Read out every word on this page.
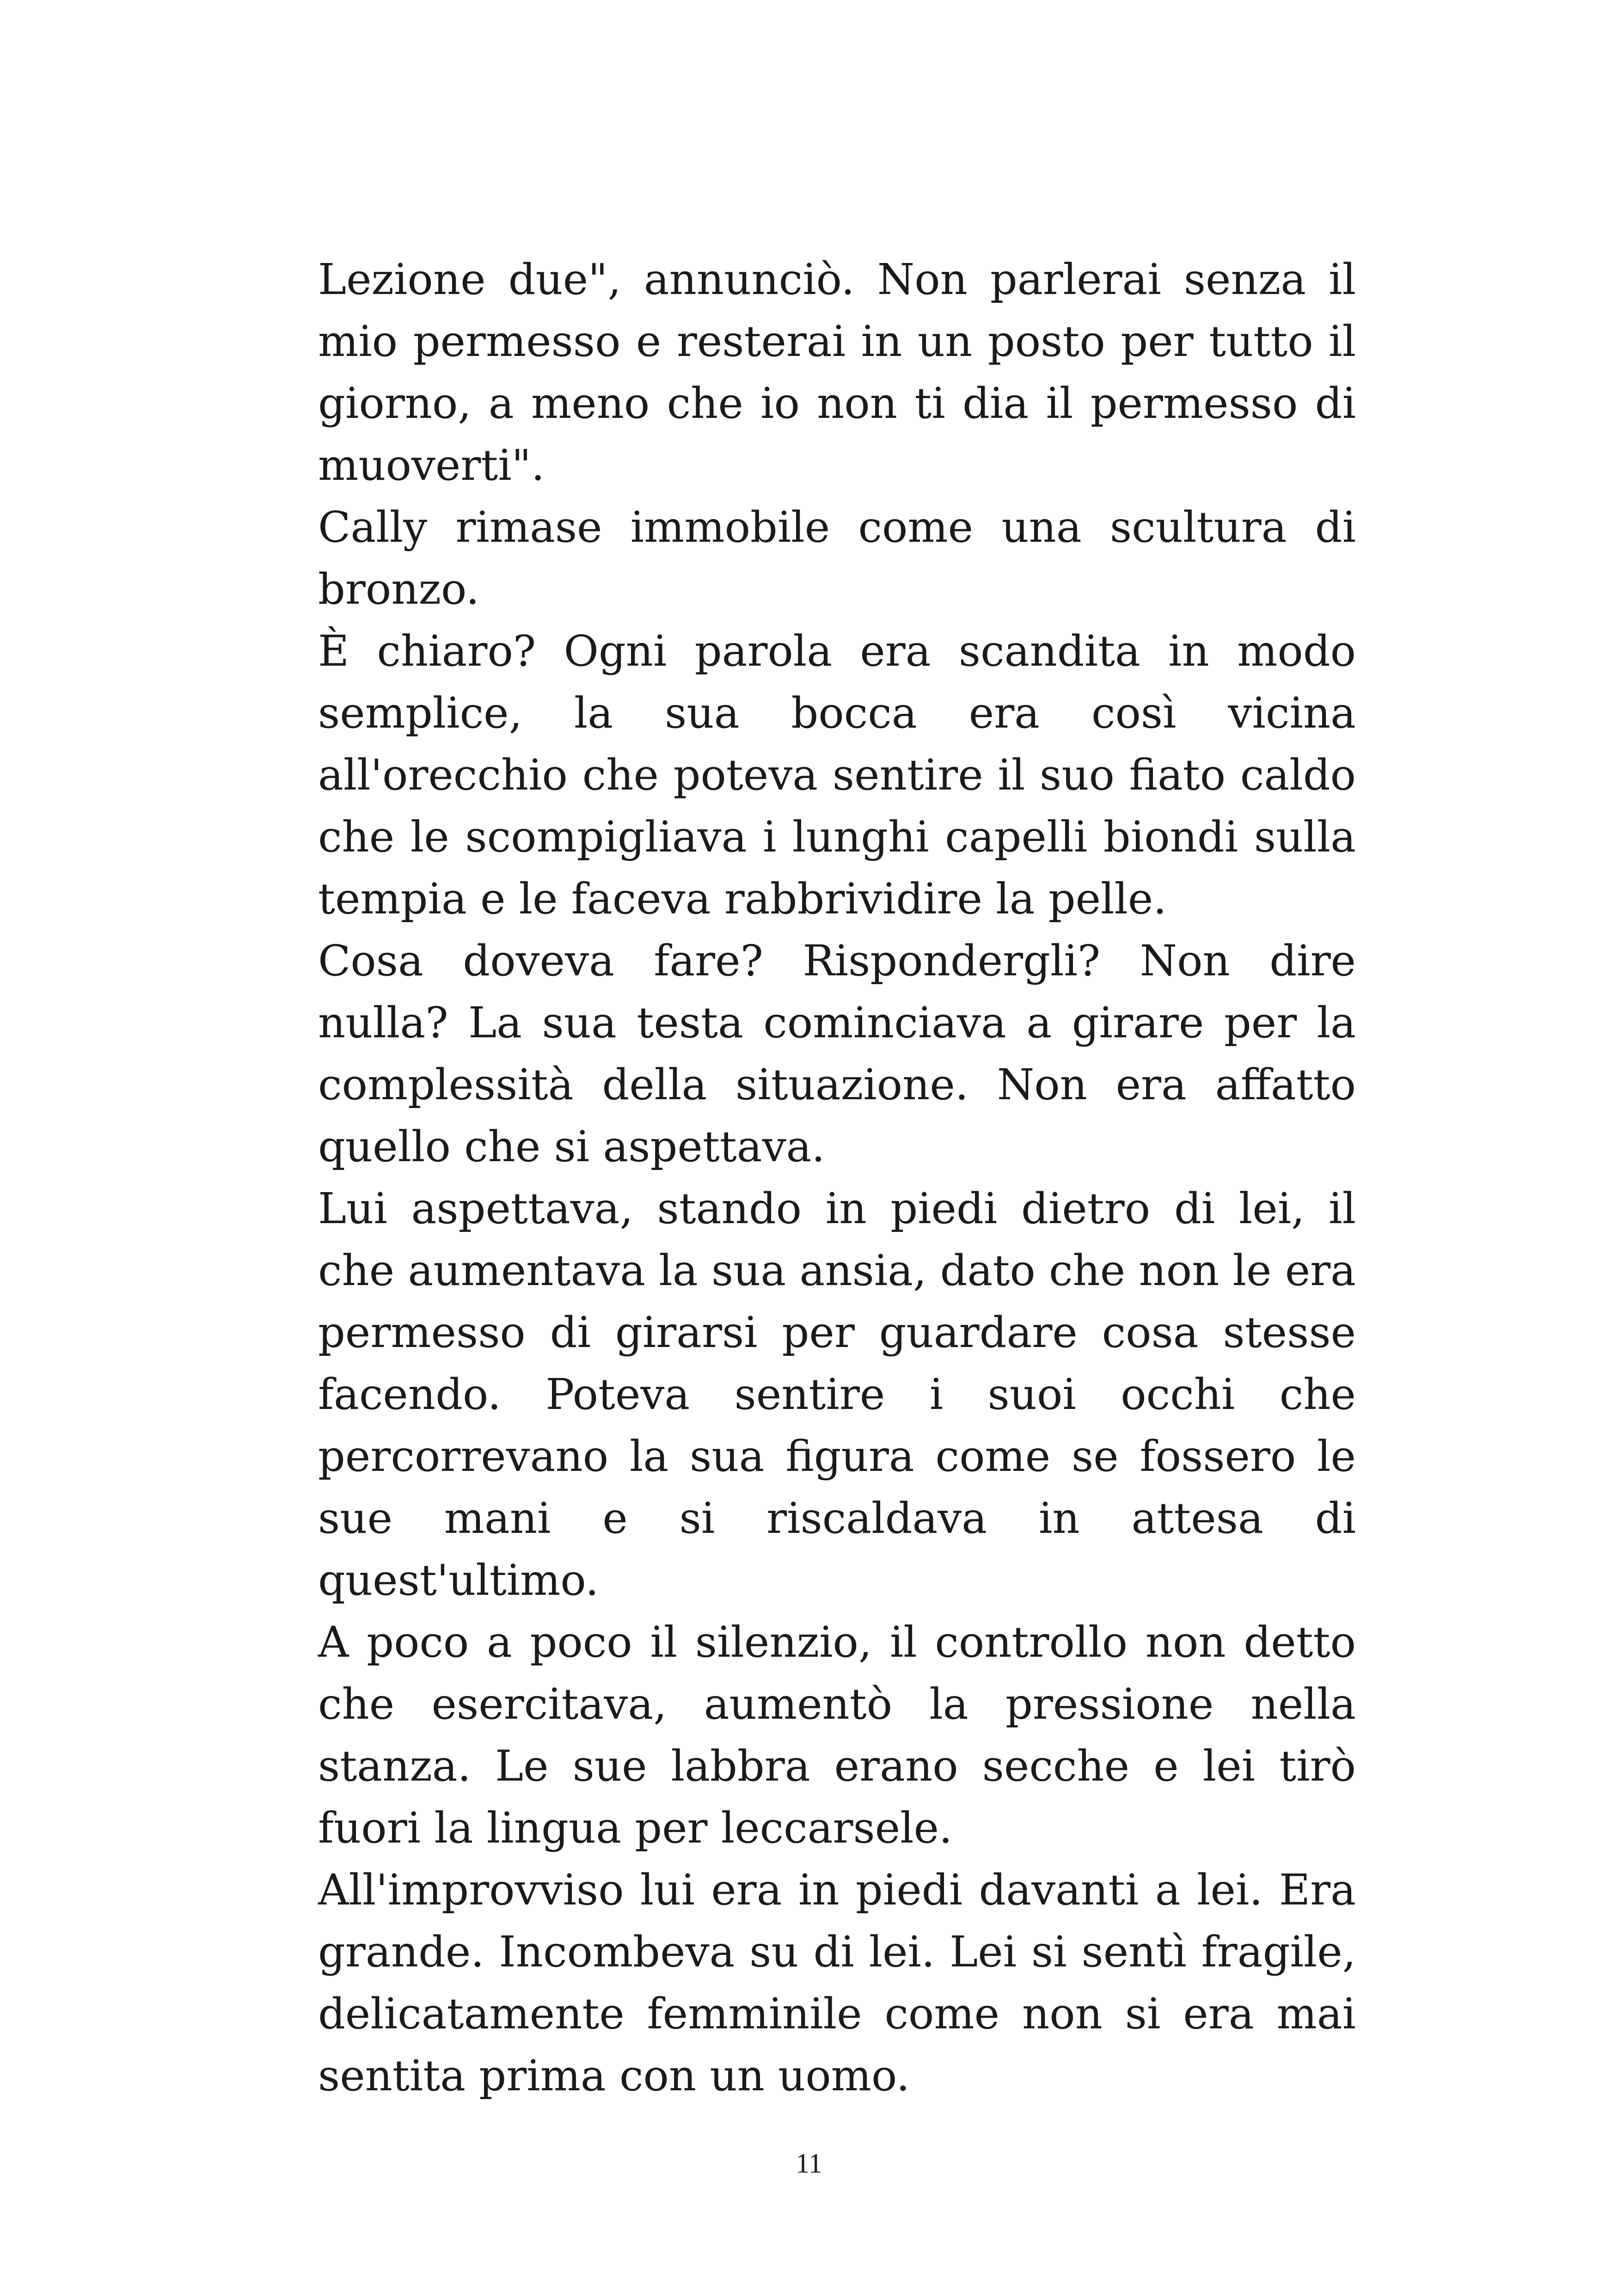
Lezione due", annunciò. Non parlerai senza il mio permesso e resterai in un posto per tutto il giorno, a meno che io non ti dia il permesso di muoverti".

Cally rimase immobile come una scultura di bronzo.

È chiaro? Ogni parola era scandita in modo semplice, la sua bocca era così vicina all'orecchio che poteva sentire il suo fiato caldo che le scompigliava i lunghi capelli biondi sulla tempia e le faceva rabbrividire la pelle.

Cosa doveva fare? Rispondergli? Non dire nulla? La sua testa cominciava a girare per la complessità della situazione. Non era affatto quello che si aspettava.

Lui aspettava, stando in piedi dietro di lei, il che aumentava la sua ansia, dato che non le era permesso di girarsi per guardare cosa stesse facendo. Poteva sentire i suoi occhi che percorrevano la sua figura come se fossero le sue mani e si riscaldava in attesa di quest'ultimo.

A poco a poco il silenzio, il controllo non detto che esercitava, aumentò la pressione nella stanza. Le sue labbra erano secche e lei tirò fuori la lingua per leccarsele.

All'improvviso lui era in piedi davanti a lei. Era grande. Incombeva su di lei. Lei si sentì fragile, delicatamente femminile come non si era mai sentita prima con un uomo.

11
